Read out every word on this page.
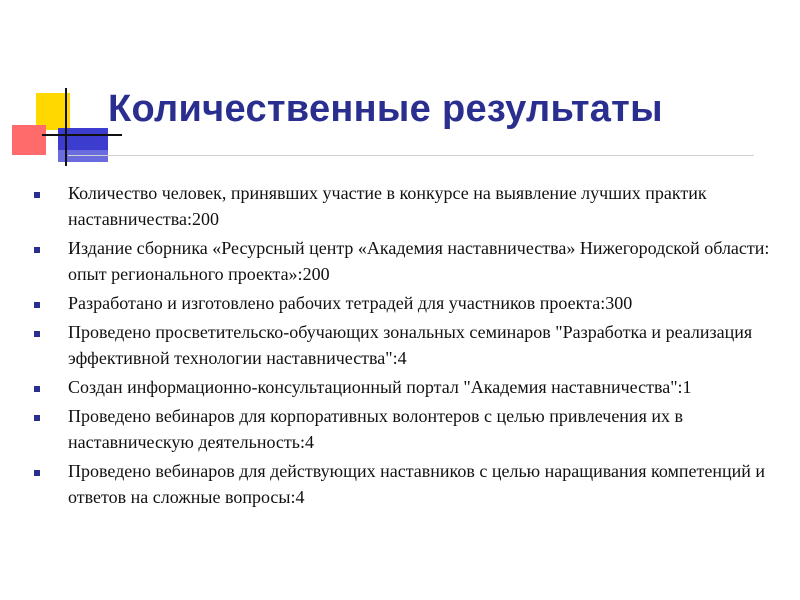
Количественные результаты
Количество человек, принявших участие в конкурсе на выявление лучших практик наставничества:200
Издание сборника «Ресурсный центр «Академия наставничества» Нижегородской области: опыт регионального проекта»:200
Разработано и изготовлено рабочих тетрадей для участников проекта:300
Проведено просветительско-обучающих зональных семинаров "Разработка и реализация эффективной технологии наставничества":4
Создан информационно-консультационный портал "Академия наставничества":1
Проведено вебинаров для корпоративных волонтеров с целью привлечения их в наставническую деятельность:4
Проведено вебинаров для действующих наставников с целью наращивания компетенций и ответов на сложные вопросы:4
